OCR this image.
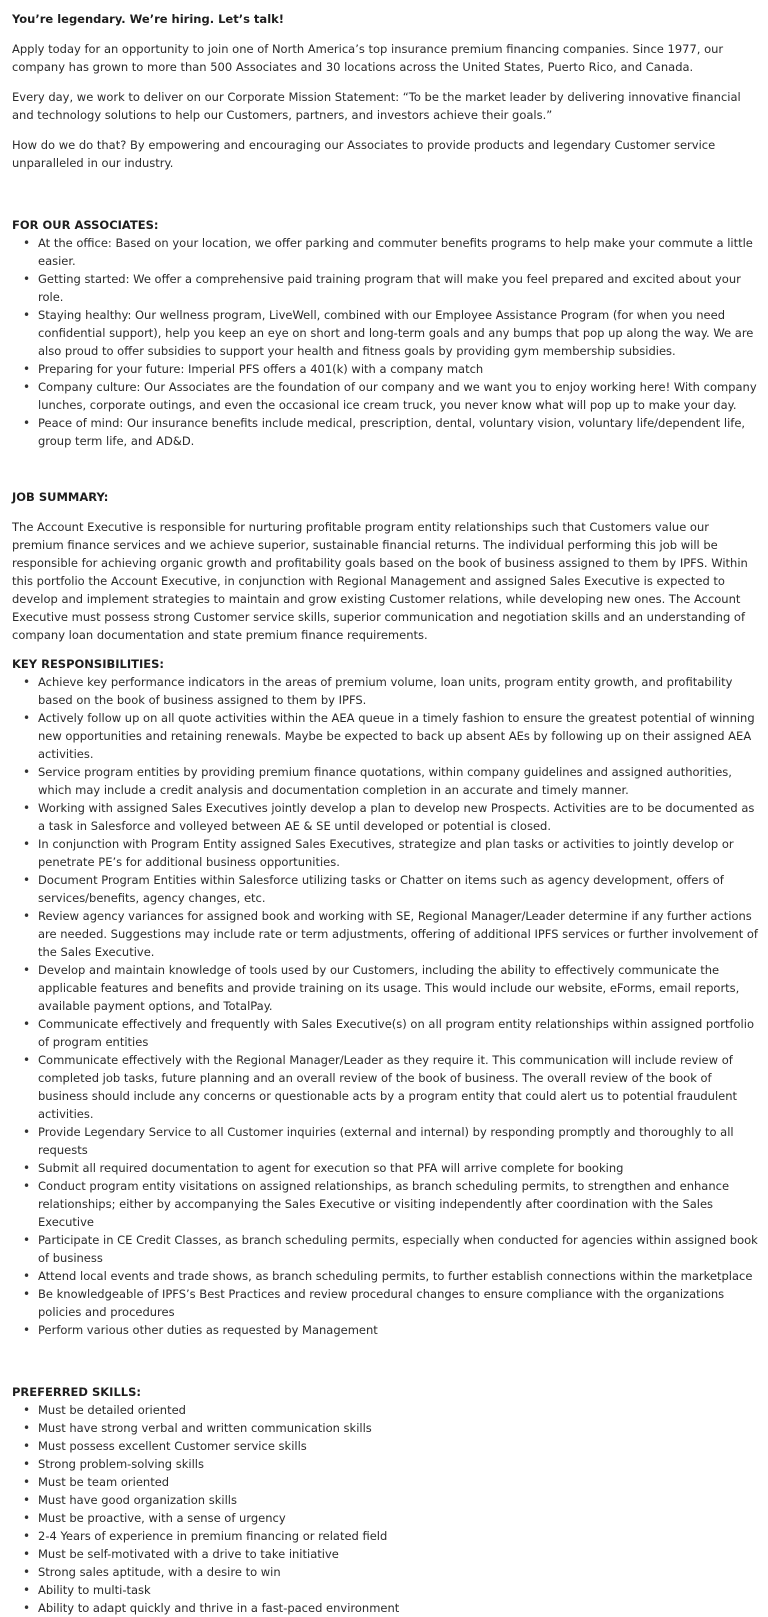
You’re legendary. We’re hiring. Let’s talk!

Apply today for an opportunity to join one of North America’s top insurance premium financing companies. Since 1977, our company has grown to more than 500 Associates and 30 locations across the United States, Puerto Rico, and Canada.

Every day, we work to deliver on our Corporate Mission Statement: “To be the market leader by delivering innovative financial and technology solutions to help our Customers, partners, and investors achieve their goals.”

How do we do that? By empowering and encouraging our Associates to provide products and legendary Customer service unparalleled in our industry.

FOR OUR ASSOCIATES:

• At the office: Based on your location, we offer parking and commuter benefits programs to help make your commute a little easier.
• Getting started: We offer a comprehensive paid training program that will make you feel prepared and excited about your role.
• Staying healthy: Our wellness program, LiveWell, combined with our Employee Assistance Program (for when you need confidential support), help you keep an eye on short and long-term goals and any bumps that pop up along the way. We are also proud to offer subsidies to support your health and fitness goals by providing gym membership subsidies.
• Preparing for your future: Imperial PFS offers a 401(k) with a company match
• Company culture: Our Associates are the foundation of our company and we want you to enjoy working here! With company lunches, corporate outings, and even the occasional ice cream truck, you never know what will pop up to make your day.
• Peace of mind: Our insurance benefits include medical, prescription, dental, voluntary vision, voluntary life/dependent life, group term life, and AD&D.

JOB SUMMARY:

The Account Executive is responsible for nurturing profitable program entity relationships such that Customers value our premium finance services and we achieve superior, sustainable financial returns. The individual performing this job will be responsible for achieving organic growth and profitability goals based on the book of business assigned to them by IPFS. Within this portfolio the Account Executive, in conjunction with Regional Management and assigned Sales Executive is expected to develop and implement strategies to maintain and grow existing Customer relations, while developing new ones. The Account Executive must possess strong Customer service skills, superior communication and negotiation skills and an understanding of company loan documentation and state premium finance requirements.

KEY RESPONSIBILITIES:

• Achieve key performance indicators in the areas of premium volume, loan units, program entity growth, and profitability based on the book of business assigned to them by IPFS.
• Actively follow up on all quote activities within the AEA queue in a timely fashion to ensure the greatest potential of winning new opportunities and retaining renewals. Maybe be expected to back up absent AEs by following up on their assigned AEA activities.
• Service program entities by providing premium finance quotations, within company guidelines and assigned authorities, which may include a credit analysis and documentation completion in an accurate and timely manner.
• Working with assigned Sales Executives jointly develop a plan to develop new Prospects. Activities are to be documented as a task in Salesforce and volleyed between AE & SE until developed or potential is closed.
• In conjunction with Program Entity assigned Sales Executives, strategize and plan tasks or activities to jointly develop or penetrate PE’s for additional business opportunities.
• Document Program Entities within Salesforce utilizing tasks or Chatter on items such as agency development, offers of services/benefits, agency changes, etc.
• Review agency variances for assigned book and working with SE, Regional Manager/Leader determine if any further actions are needed. Suggestions may include rate or term adjustments, offering of additional IPFS services or further involvement of the Sales Executive.
• Develop and maintain knowledge of tools used by our Customers, including the ability to effectively communicate the applicable features and benefits and provide training on its usage. This would include our website, eForms, email reports, available payment options, and TotalPay.
• Communicate effectively and frequently with Sales Executive(s) on all program entity relationships within assigned portfolio of program entities
• Communicate effectively with the Regional Manager/Leader as they require it. This communication will include review of completed job tasks, future planning and an overall review of the book of business. The overall review of the book of business should include any concerns or questionable acts by a program entity that could alert us to potential fraudulent activities.
• Provide Legendary Service to all Customer inquiries (external and internal) by responding promptly and thoroughly to all requests
• Submit all required documentation to agent for execution so that PFA will arrive complete for booking
• Conduct program entity visitations on assigned relationships, as branch scheduling permits, to strengthen and enhance relationships; either by accompanying the Sales Executive or visiting independently after coordination with the Sales Executive
• Participate in CE Credit Classes, as branch scheduling permits, especially when conducted for agencies within assigned book of business
• Attend local events and trade shows, as branch scheduling permits, to further establish connections within the marketplace
• Be knowledgeable of IPFS’s Best Practices and review procedural changes to ensure compliance with the organizations policies and procedures
• Perform various other duties as requested by Management

PREFERRED SKILLS:

• Must be detailed oriented
• Must have strong verbal and written communication skills
• Must possess excellent Customer service skills
• Strong problem-solving skills
• Must be team oriented
• Must have good organization skills
• Must be proactive, with a sense of urgency
• 2-4 Years of experience in premium financing or related field
• Must be self-motivated with a drive to take initiative
• Strong sales aptitude, with a desire to win
• Ability to multi-task
• Ability to adapt quickly and thrive in a fast-paced environment
